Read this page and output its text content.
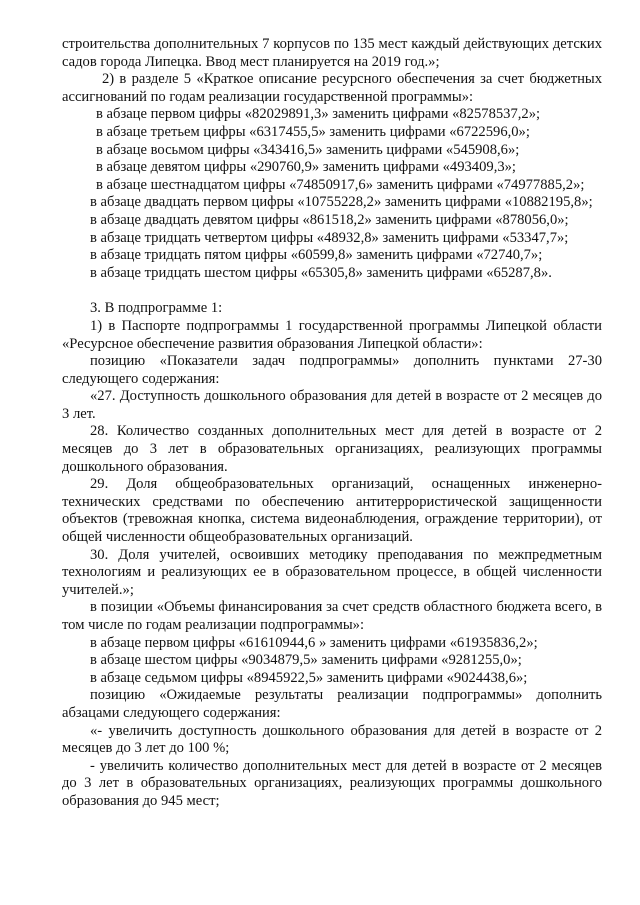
строительства дополнительных 7 корпусов по 135 мест каждый действующих детских садов города Липецка. Ввод мест планируется на 2019 год.»;

2) в разделе 5 «Краткое описание ресурсного обеспечения за счет бюджетных ассигнований по годам реализации государственной программы»:

в абзаце первом цифры «82029891,3» заменить цифрами «82578537,2»;

в абзаце третьем цифры «6317455,5» заменить цифрами «6722596,0»;

в абзаце восьмом цифры «343416,5» заменить цифрами «545908,6»;

в абзаце девятом цифры «290760,9» заменить цифрами «493409,3»;

в абзаце шестнадцатом цифры «74850917,6» заменить цифрами «74977885,2»;

в абзаце двадцать первом цифры «10755228,2» заменить цифрами «10882195,8»;

в абзаце двадцать девятом цифры «861518,2» заменить цифрами «878056,0»;

в абзаце тридцать четвертом цифры «48932,8» заменить цифрами «53347,7»;

в абзаце тридцать пятом цифры «60599,8» заменить цифрами «72740,7»;

в абзаце тридцать шестом цифры «65305,8» заменить цифрами «65287,8».

3. В подпрограмме 1:

1) в Паспорте подпрограммы 1 государственной программы Липецкой области «Ресурсное обеспечение развития образования Липецкой области»:

позицию «Показатели задач подпрограммы» дополнить пунктами 27-30 следующего содержания:

«27. Доступность дошкольного образования для детей в возрасте от 2 месяцев до 3 лет.

28. Количество созданных дополнительных мест для детей в возрасте от 2 месяцев до 3 лет в образовательных организациях, реализующих программы дошкольного образования.

29. Доля общеобразовательных организаций, оснащенных инженерно-технических средствами по обеспечению антитеррористической защищенности объектов (тревожная кнопка, система видеонаблюдения, ограждение территории), от общей численности общеобразовательных организаций.

30. Доля учителей, освоивших методику преподавания по межпредметным технологиям и реализующих ее в образовательном процессе, в общей численности учителей.»;

в позиции «Объемы финансирования за счет средств областного бюджета всего, в том числе по годам реализации подпрограммы»:

в абзаце первом цифры «61610944,6 » заменить цифрами «61935836,2»;

в абзаце шестом цифры «9034879,5» заменить цифрами «9281255,0»;

в абзаце седьмом цифры «8945922,5» заменить цифрами «9024438,6»;

позицию «Ожидаемые результаты реализации подпрограммы» дополнить абзацами следующего содержания:

«- увеличить доступность дошкольного образования для детей в возрасте от 2 месяцев до 3 лет до 100 %;

- увеличить количество дополнительных мест для детей в возрасте от 2 месяцев до 3 лет в образовательных организациях, реализующих программы дошкольного образования до 945 мест;
